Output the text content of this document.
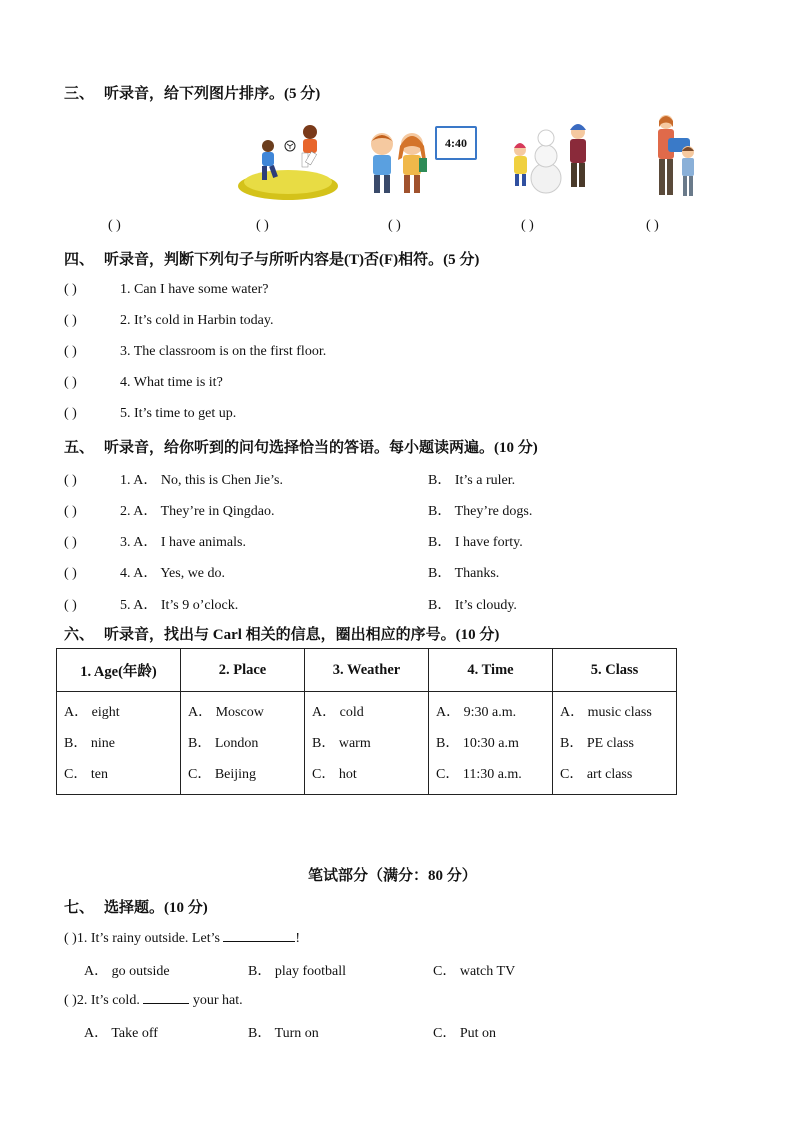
三、 听录音，给下列图片排序。(5 分)
4:40
( )	( )	( )	( )	( )
四、 听录音，判断下列句子与所听内容是(T)否(F)相符。(5 分)
( )	1. Can I have some water?
( )	2. It’s cold in Harbin today.
( )	3. The classroom is on the first floor.
( )	4. What time is it?
( )	5. It’s time to get up.
五、 听录音，给你听到的问句选择恰当的答语。每小题读两遍。(10 分)
( )	1. A． No, this is Chen Jie’s.	B． It’s a ruler.
( )	2. A． They’re in Qingdao.	B． They’re dogs.
( )	3. A． I have animals.	B． I have forty.
( )	4. A． Yes, we do.	B． Thanks.
( )	5. A． It’s 9 o’clock.	B． It’s cloudy.
六、 听录音，找出与 Carl 相关的信息，圈出相应的序号。(10 分)
1. Age(年龄)	2. Place	3. Weather	4. Time	5. Class

A． eight
B． nine
C． ten	A． Moscow
B． London
C． Beijing	A． cold
B． warm
C． hot	A． 9:30 a.m.
B． 10:30 a.m
C． 11:30 a.m.	A． music class
B． PE class
C． art class
笔试部分（满分：80 分）
七、 选择题。(10 分)
( )1. It’s rainy outside. Let’s	!
A． go outside	B． play football	C． watch TV
( )2. It’s cold.	your hat.
A． Take off	B． Turn on	C． Put on
